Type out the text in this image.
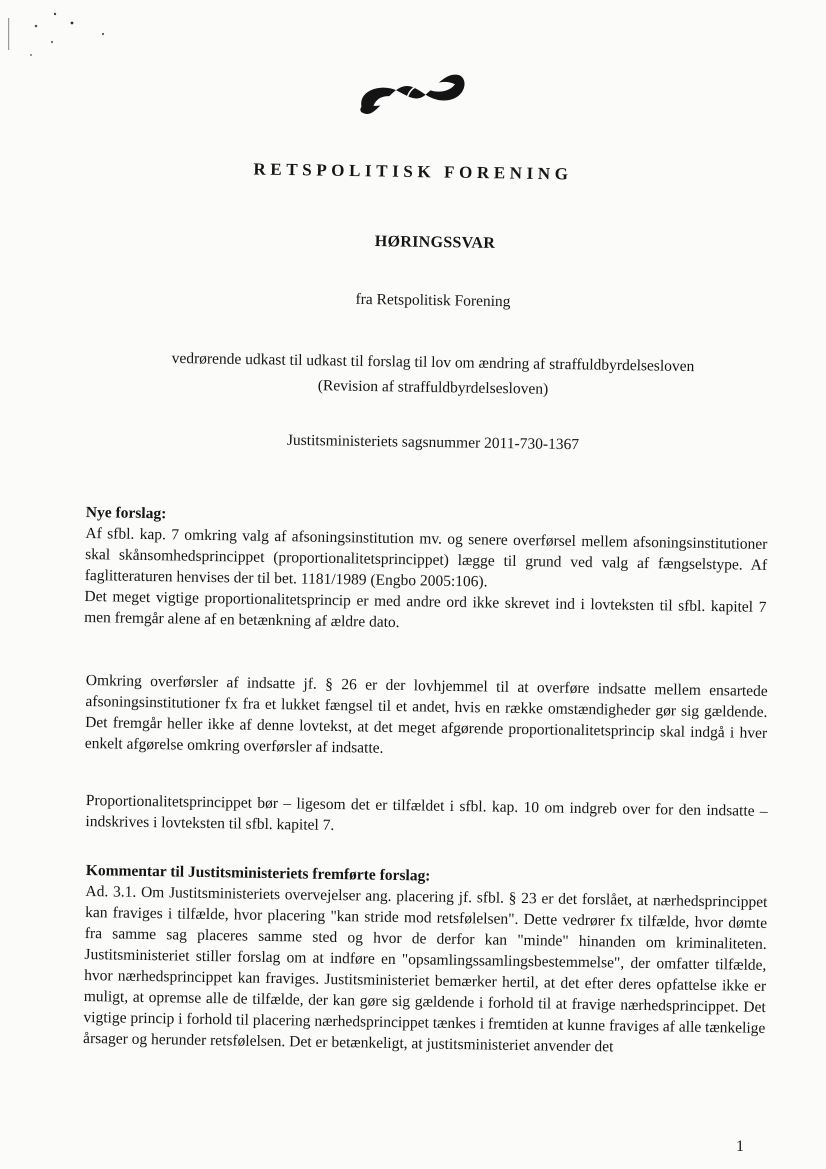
RETSPOLITISK FORENING
HØRINGSSVAR
fra Retspolitisk Forening
vedrørende udkast til udkast til forslag til lov om ændring af straffuldbyrdelsesloven
(Revision af straffuldbyrdelsesloven)
Justitsministeriets sagsnummer 2011-730-1367
Nye forslag:

Af sfbl. kap. 7 omkring valg af afsoningsinstitution mv. og senere overførsel mellem afsoningsinstitutioner skal skånsomhedsprincippet (proportionalitetsprincippet) lægge til grund ved valg af fængselstype. Af faglitteraturen henvises der til bet. 1181/1989 (Engbo 2005:106).

Det meget vigtige proportionalitetsprincip er med andre ord ikke skrevet ind i lovteksten til sfbl. kapitel 7 men fremgår alene af en betænkning af ældre dato.

Omkring overførsler af indsatte jf. § 26 er der lovhjemmel til at overføre indsatte mellem ensartede afsoningsinstitutioner fx fra et lukket fængsel til et andet, hvis en række omstændigheder gør sig gældende. Det fremgår heller ikke af denne lovtekst, at det meget afgørende proportionalitetsprincip skal indgå i hver enkelt afgørelse omkring overførsler af indsatte.

Proportionalitetsprincippet bør – ligesom det er tilfældet i sfbl. kap. 10 om indgreb over for den indsatte – indskrives i lovteksten til sfbl. kapitel 7.

Kommentar til Justitsministeriets fremførte forslag:

Ad. 3.1. Om Justitsministeriets overvejelser ang. placering jf. sfbl. § 23 er det forslået, at nærhedsprincippet kan fraviges i tilfælde, hvor placering "kan stride mod retsfølelsen". Dette vedrører fx tilfælde, hvor dømte fra samme sag placeres samme sted og hvor de derfor kan "minde" hinanden om kriminaliteten. Justitsministeriet stiller forslag om at indføre en "opsamlingssamlingsbestemmelse", der omfatter tilfælde, hvor nærhedsprincippet kan fraviges. Justitsministeriet bemærker hertil, at det efter deres opfattelse ikke er muligt, at opremse alle de tilfælde, der kan gøre sig gældende i forhold til at fravige nærhedsprincippet. Det vigtige princip i forhold til placering nærhedsprincippet tænkes i fremtiden at kunne fraviges af alle tænkelige årsager og herunder retsfølelsen. Det er betænkeligt, at justitsministeriet anvender det

1
